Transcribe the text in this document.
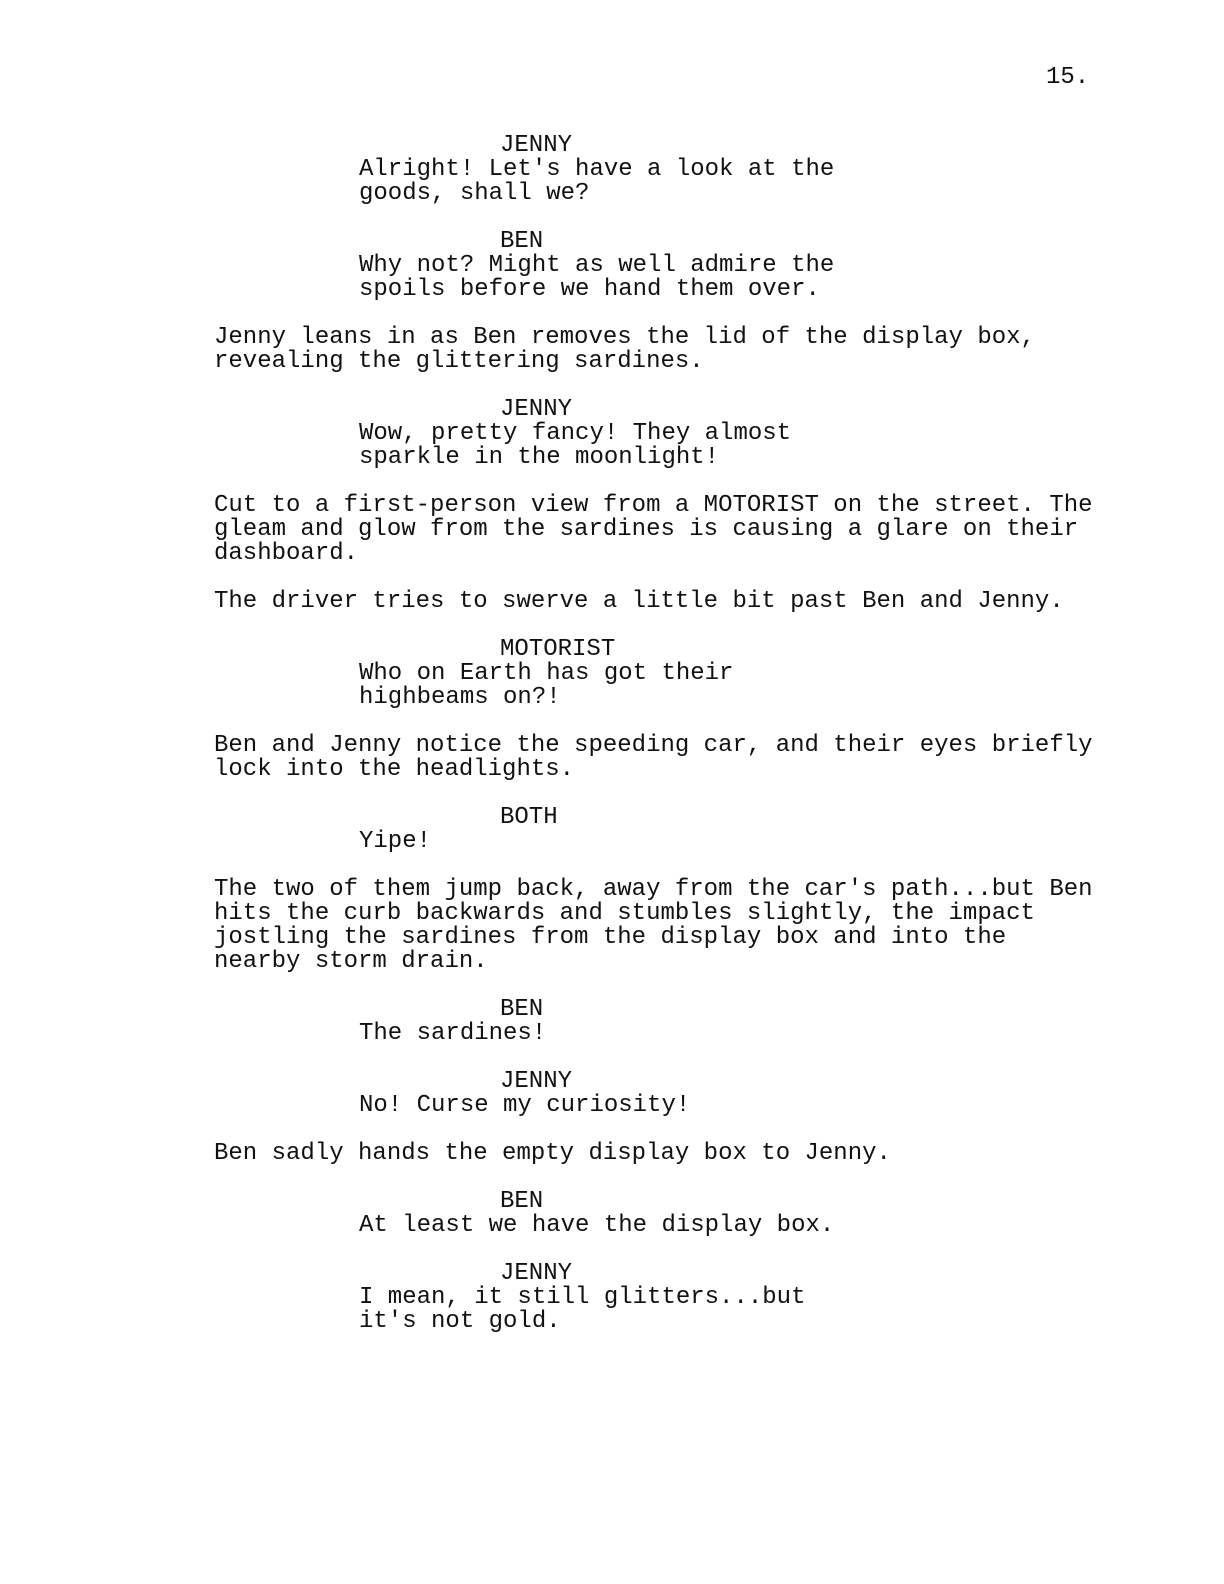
15.
JENNY
Alright! Let's have a look at the
goods, shall we?
BEN
Why not? Might as well admire the
spoils before we hand them over.
Jenny leans in as Ben removes the lid of the display box,
revealing the glittering sardines.
JENNY
Wow, pretty fancy! They almost
sparkle in the moonlight!
Cut to a first-person view from a MOTORIST on the street. The
gleam and glow from the sardines is causing a glare on their
dashboard.
The driver tries to swerve a little bit past Ben and Jenny.
MOTORIST
Who on Earth has got their
highbeams on?!
Ben and Jenny notice the speeding car, and their eyes briefly
lock into the headlights.
BOTH
Yipe!
The two of them jump back, away from the car's path...but Ben
hits the curb backwards and stumbles slightly, the impact
jostling the sardines from the display box and into the
nearby storm drain.
BEN
The sardines!
JENNY
No! Curse my curiosity!
Ben sadly hands the empty display box to Jenny.
BEN
At least we have the display box.
JENNY
I mean, it still glitters...but
it's not gold.
